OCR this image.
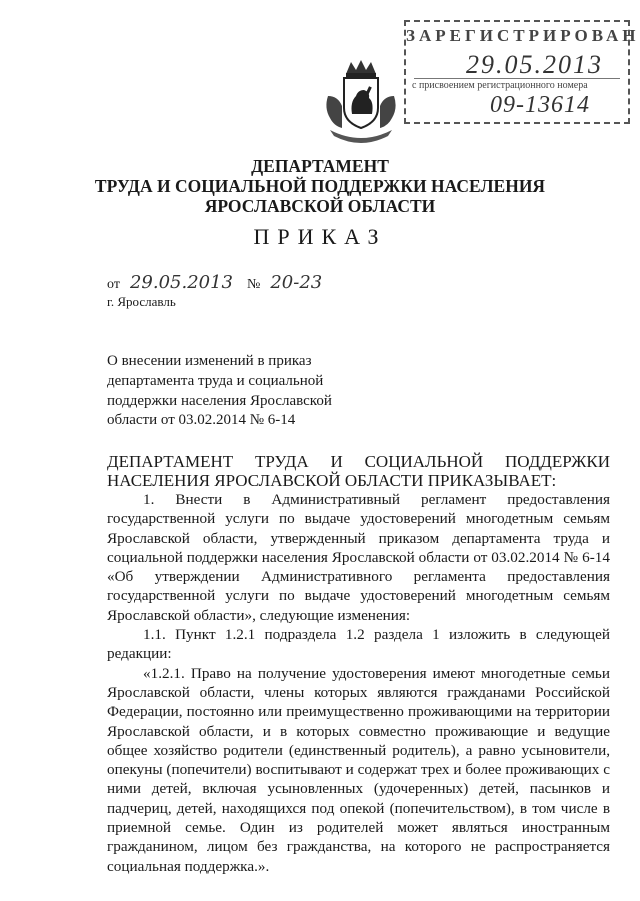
ЗАРЕГИСТРИРОВАН
29.05.2013
с присвоением регистрационного номера
09-13614
ДЕПАРТАМЕНТ
ТРУДА И СОЦИАЛЬНОЙ ПОДДЕРЖКИ НАСЕЛЕНИЯ
ЯРОСЛАВСКОЙ ОБЛАСТИ
ПРИКАЗ
от 29.05.2013 № 20-23
г. Ярославль
О внесении изменений в приказ
департамента труда и социальной
поддержки населения Ярославской
области от 03.02.2014 № 6-14

ДЕПАРТАМЕНТ ТРУДА И СОЦИАЛЬНОЙ ПОДДЕРЖКИ НАСЕЛЕНИЯ ЯРОСЛАВСКОЙ ОБЛАСТИ ПРИКАЗЫВАЕТ:

1. Внести в Административный регламент предоставления государственной услуги по выдаче удостоверений многодетным семьям Ярославской области, утвержденный приказом департамента труда и социальной поддержки населения Ярославской области от 03.02.2014 № 6-14 «Об утверждении Административного регламента предоставления государственной услуги по выдаче удостоверений многодетным семьям Ярославской области», следующие изменения:

1.1. Пункт 1.2.1 подраздела 1.2 раздела 1 изложить в следующей редакции:

«1.2.1. Право на получение удостоверения имеют многодетные семьи Ярославской области, члены которых являются гражданами Российской Федерации, постоянно или преимущественно проживающими на территории Ярославской области, и в которых совместно проживающие и ведущие общее хозяйство родители (единственный родитель), а равно усыновители, опекуны (попечители) воспитывают и содержат трех и более проживающих с ними детей, включая усыновленных (удочеренных) детей, пасынков и падчериц, детей, находящихся под опекой (попечительством), в том числе в приемной семье. Один из родителей может являться иностранным гражданином, лицом без гражданства, на которого не распространяется социальная поддержка.».
